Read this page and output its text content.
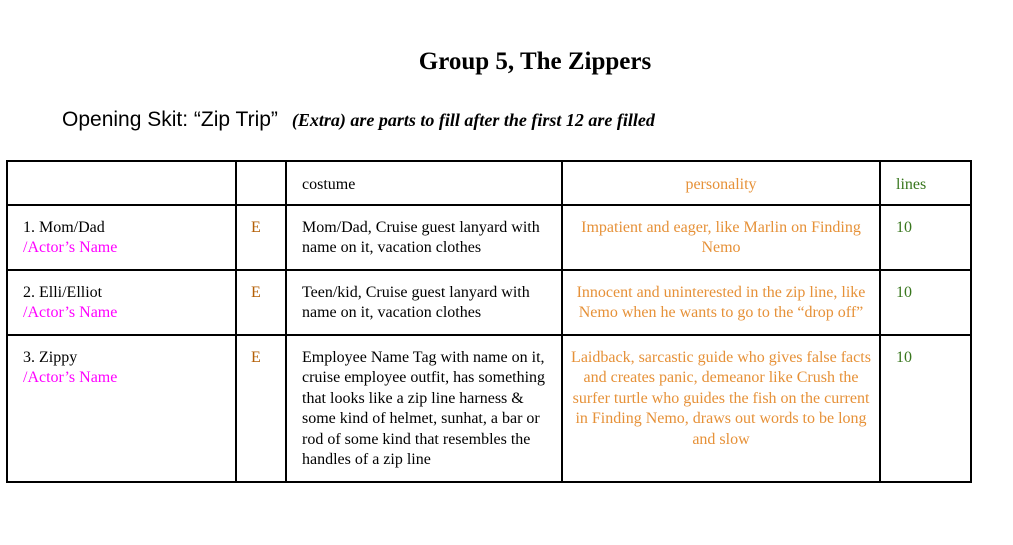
Group 5, The Zippers
Opening Skit: “Zip Trip” (Extra) are parts to fill after the first 12 are filled
		costume	personality	lines

1. Mom/Dad
/Actor’s Name	E	Mom/Dad, Cruise guest lanyard with name on it, vacation clothes	Impatient and eager, like Marlin on Finding Nemo	10

2. Elli/Elliot
/Actor’s Name	E	Teen/kid, Cruise guest lanyard with name on it, vacation clothes	Innocent and uninterested in the zip line, like Nemo when he wants to go to the “drop off”	10

3. Zippy
/Actor’s Name	E	Employee Name Tag with name on it, cruise employee outfit, has something that looks like a zip line harness & some kind of helmet, sunhat, a bar or rod of some kind that resembles the handles of a zip line	Laidback, sarcastic guide who gives false facts and creates panic, demeanor like Crush the surfer turtle who guides the fish on the current in Finding Nemo, draws out words to be long and slow	10
